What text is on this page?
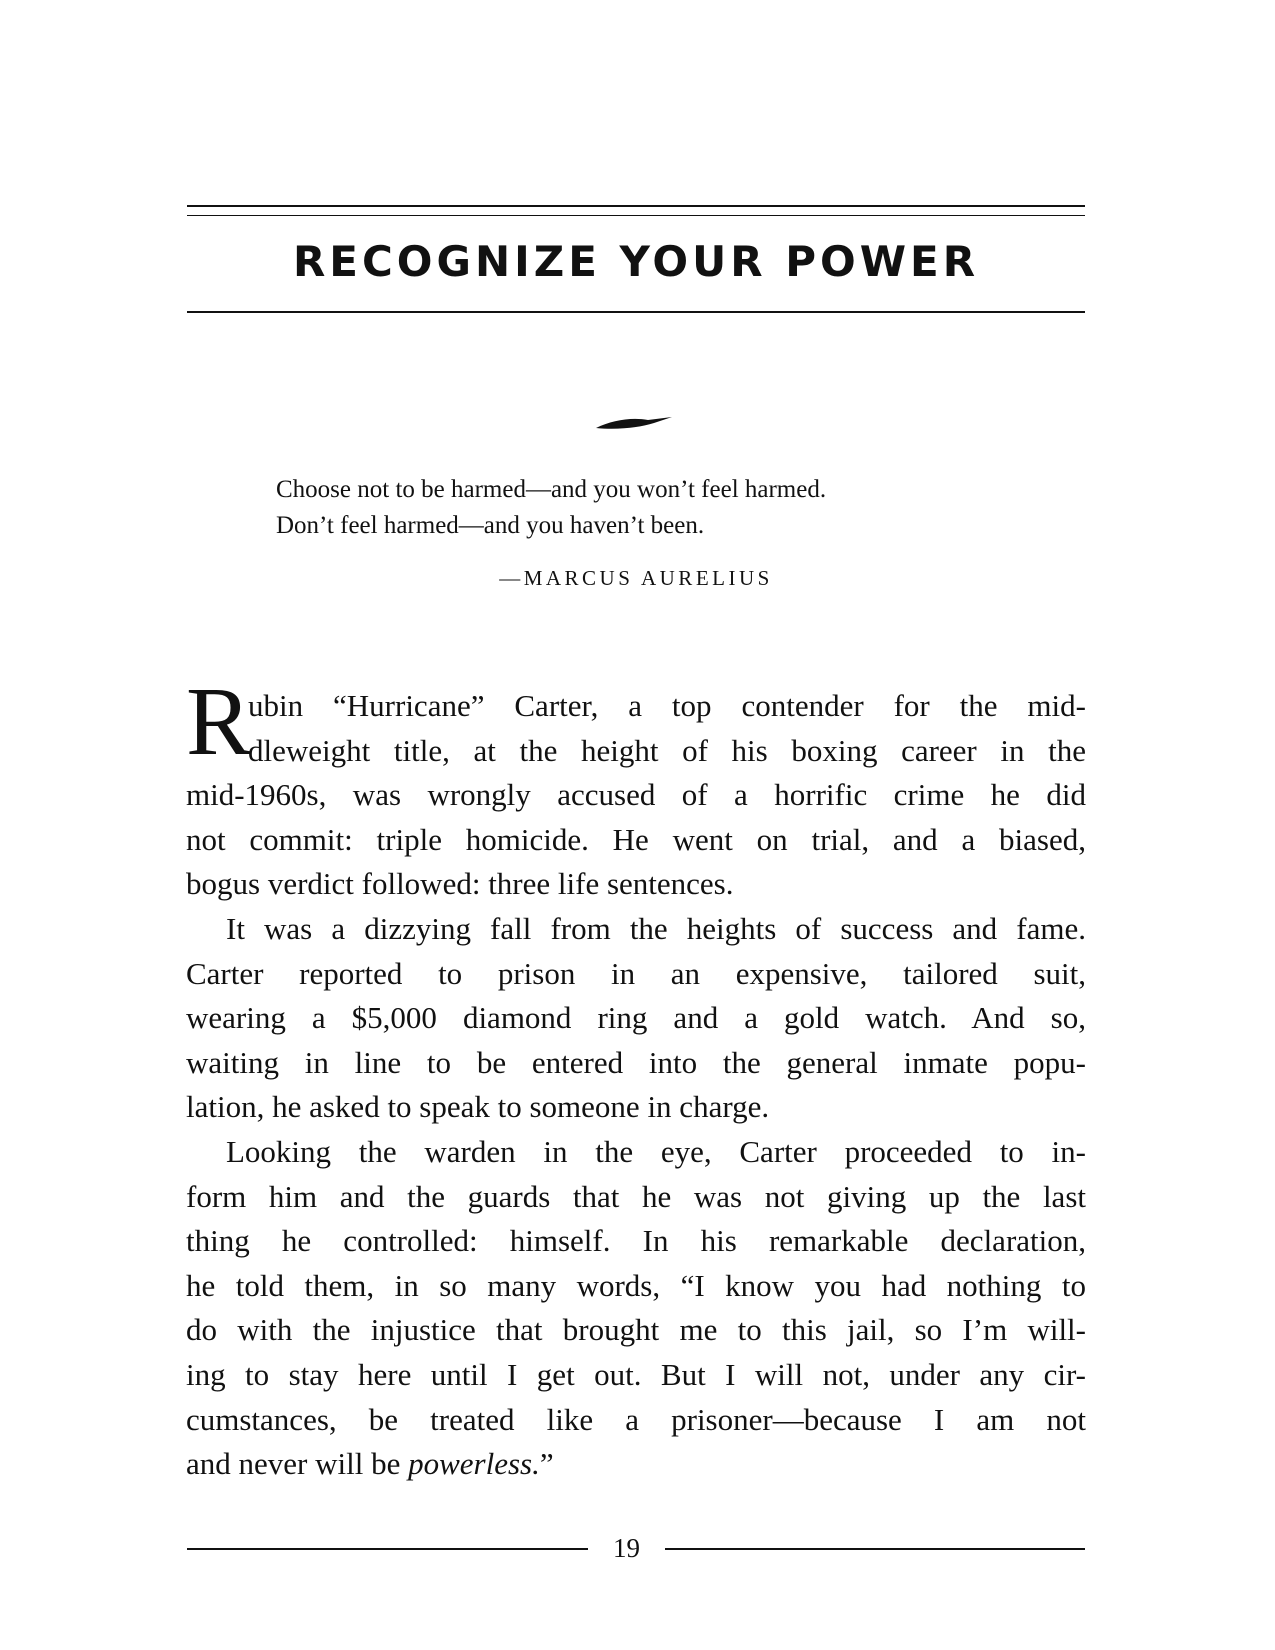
RECOGNIZE YOUR POWER
Choose not to be harmed—and you won’t feel harmed.
Don’t feel harmed—and you haven’t been.
—MARCUS AURELIUS
R
ubin “Hurricane” Carter, a top contender for the mid-
dleweight title, at the height of his boxing career in the
mid-1960s, was wrongly accused of a horrific crime he did
not commit: triple homicide. He went on trial, and a biased,
bogus verdict followed: three life sentences.
It was a dizzying fall from the heights of success and fame.
Carter reported to prison in an expensive, tailored suit,
wearing a $5,000 diamond ring and a gold watch. And so,
waiting in line to be entered into the general inmate popu-
lation, he asked to speak to someone in charge.
Looking the warden in the eye, Carter proceeded to in-
form him and the guards that he was not giving up the last
thing he controlled: himself. In his remarkable declaration,
he told them, in so many words, “I know you had nothing to
do with the injustice that brought me to this jail, so I’m will-
ing to stay here until I get out. But I will not, under any cir-
cumstances, be treated like a prisoner—because I am not
and never will be powerless.”
19
